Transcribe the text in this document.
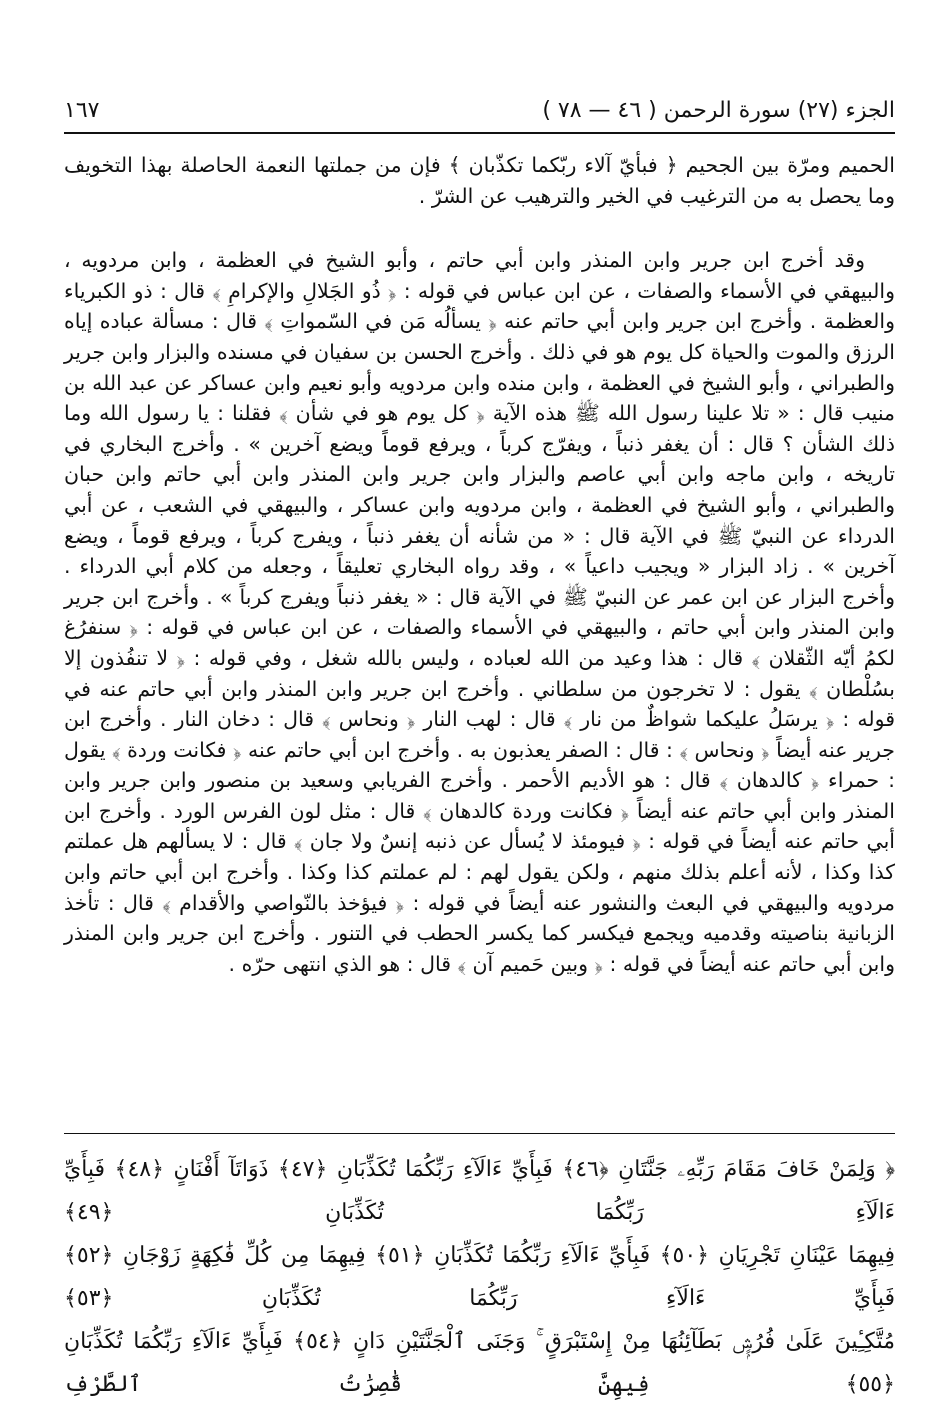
الجزء (٢٧) سورة الرحمن ( ٤٦ — ٧٨ )
١٦٧

الحميم ومرّة بين الجحيم ﴿ فبأيّ آلاء ربّكما تكذّبان ﴾ فإن من جملتها النعمة الحاصلة بهذا التخويف وما يحصل به من الترغيب في الخير والترهيب عن الشرّ .

وقد أخرج ابن جرير وابن المنذر وابن أبي حاتم ، وأبو الشيخ في العظمة ، وابن مردويه ، والبيهقي في الأسماء والصفات ، عن ابن عباس في قوله : ﴿ ذُو الجَلالِ والإكرامِ ﴾ قال : ذو الكبرياء والعظمة . وأخرج ابن جرير وابن أبي حاتم عنه ﴿ يسألُه مَن في السّمواتِ ﴾ قال : مسألة عباده إياه الرزق والموت والحياة كل يوم هو في ذلك . وأخرج الحسن بن سفيان في مسنده والبزار وابن جرير والطبراني ، وأبو الشيخ في العظمة ، وابن منده وابن مردويه وأبو نعيم وابن عساكر عن عبد الله بن منيب قال : « تلا علينا رسول الله ﷺ هذه الآية ﴿ كل يوم هو في شأن ﴾ فقلنا : يا رسول الله وما ذلك الشأن ؟ قال : أن يغفر ذنباً ، ويفرّج كرباً ، ويرفع قوماً ويضع آخرين » . وأخرج البخاري في تاريخه ، وابن ماجه وابن أبي عاصم والبزار وابن جرير وابن المنذر وابن أبي حاتم وابن حبان والطبراني ، وأبو الشيخ في العظمة ، وابن مردويه وابن عساكر ، والبيهقي في الشعب ، عن أبي الدرداء عن النبيّ ﷺ في الآية قال : « من شأنه أن يغفر ذنباً ، ويفرج كرباً ، ويرفع قوماً ، ويضع آخرين » . زاد البزار « ويجيب داعياً » ، وقد رواه البخاري تعليقاً ، وجعله من كلام أبي الدرداء . وأخرج البزار عن ابن عمر عن النبيّ ﷺ في الآية قال : « يغفر ذنباً ويفرج كرباً » . وأخرج ابن جرير وابن المنذر وابن أبي حاتم ، والبيهقي في الأسماء والصفات ، عن ابن عباس في قوله : ﴿ سنفرُغ لكمُ أيّه الثّقلان ﴾ قال : هذا وعيد من الله لعباده ، وليس بالله شغل ، وفي قوله : ﴿ لا تنفُذون إلا بسُلْطان ﴾ يقول : لا تخرجون من سلطاني . وأخرج ابن جرير وابن المنذر وابن أبي حاتم عنه في قوله : ﴿ يرسَلُ عليكما شواظٌ من نار ﴾ قال : لهب النار ﴿ ونحاس ﴾ قال : دخان النار . وأخرج ابن جرير عنه أيضاً ﴿ ونحاس ﴾ : قال : الصفر يعذبون به . وأخرج ابن أبي حاتم عنه ﴿ فكانت وردة ﴾ يقول : حمراء ﴿ كالدهان ﴾ قال : هو الأديم الأحمر . وأخرج الفريابي وسعيد بن منصور وابن جرير وابن المنذر وابن أبي حاتم عنه أيضاً ﴿ فكانت وردة كالدهان ﴾ قال : مثل لون الفرس الورد . وأخرج ابن أبي حاتم عنه أيضاً في قوله : ﴿ فيومئذ لا يُسأل عن ذنبه إنسٌ ولا جان ﴾ قال : لا يسألهم هل عملتم كذا وكذا ، لأنه أعلم بذلك منهم ، ولكن يقول لهم : لم عملتم كذا وكذا . وأخرج ابن أبي حاتم وابن مردويه والبيهقي في البعث والنشور عنه أيضاً في قوله : ﴿ فيؤخذ بالنّواصي والأقدام ﴾ قال : تأخذ الزبانية بناصيته وقدميه ويجمع فيكسر كما يكسر الحطب في التنور . وأخرج ابن جرير وابن المنذر وابن أبي حاتم عنه أيضاً في قوله : ﴿ وبين حَميم آن ﴾ قال : هو الذي انتهى حرّه .

﴿ وَلِمَنْ خَافَ مَقَامَ رَبِّهِۦ جَنَّتَانِ ﴿٤٦﴾ فَبِأَيِّ ءَالَآءِ رَبِّكُمَا تُكَذِّبَانِ ﴿٤٧﴾ ذَوَاتَآ أَفْنَانٍ ﴿٤٨﴾ فَبِأَيِّ ءَالَآءِ رَبِّكُمَا تُكَذِّبَانِ ﴿٤٩﴾
فِيهِمَا عَيْنَانِ تَجْرِيَانِ ﴿٥٠﴾ فَبِأَيِّ ءَالَآءِ رَبِّكُمَا تُكَذِّبَانِ ﴿٥١﴾ فِيهِمَا مِن كُلِّ فَٰكِهَةٍ زَوْجَانِ ﴿٥٢﴾ فَبِأَيِّ ءَالَآءِ رَبِّكُمَا تُكَذِّبَانِ ﴿٥٣﴾
مُتَّكِـِٔينَ عَلَىٰ فُرُشٍۭ بَطَآئِنُهَا مِنْ إِسْتَبْرَقٍ ۚ وَجَنَى ٱلْجَنَّتَيْنِ دَانٍ ﴿٥٤﴾ فَبِأَيِّ ءَالَآءِ رَبِّكُمَا تُكَذِّبَانِ ﴿٥٥﴾ فِيهِنَّ قَٰصِرَٰتُ ٱلطَّرْفِ
